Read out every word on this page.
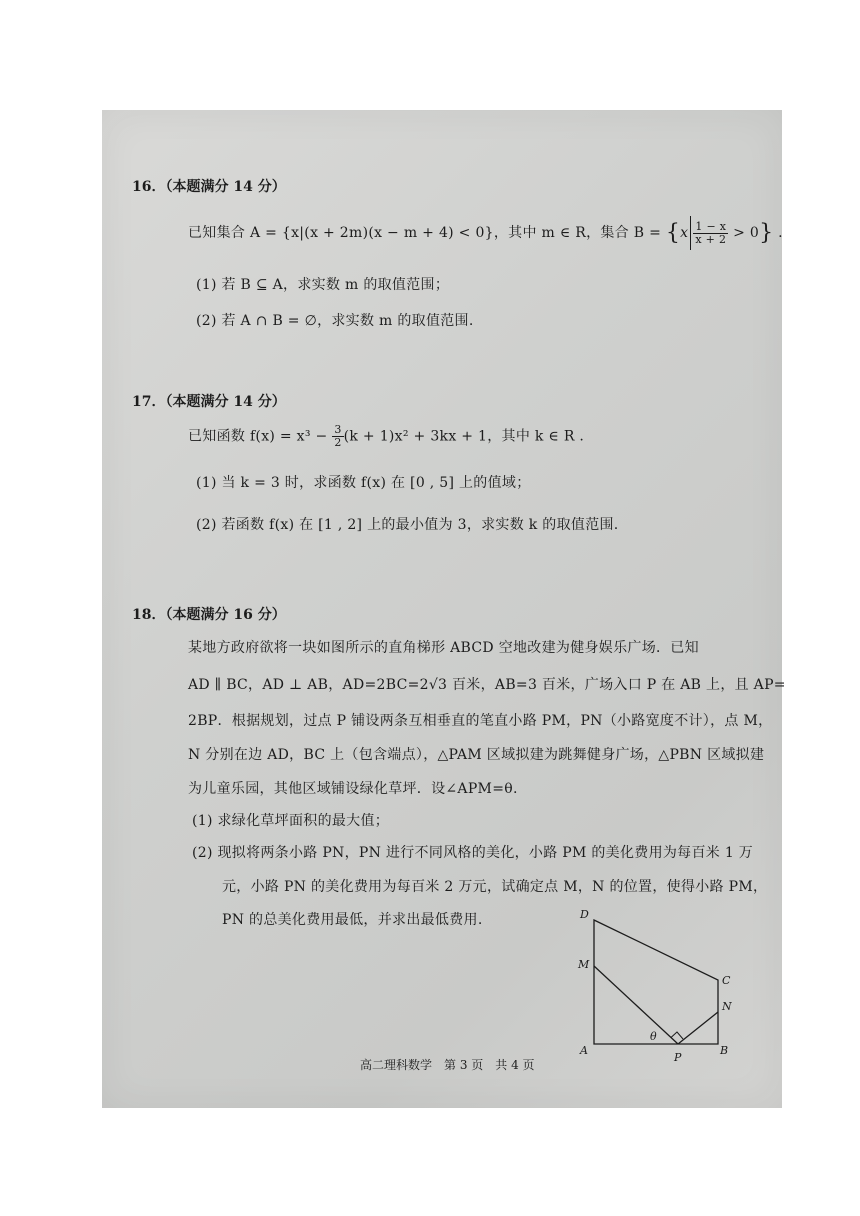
16．（本题满分 14 分）
已知集合 A = {x|(x + 2m)(x − m + 4) < 0}，其中 m ∈ R，集合 $B = \{x \frac{1 - x}{x + 2} > 0\}$ .
(1) 若 B ⊆ A，求实数 m 的取值范围；
(2) 若 A ∩ B = ∅，求实数 m 的取值范围.
17．（本题满分 14 分）
已知函数 $f(x) = x^3 - \frac{3}{2} (k + 1)x^2 + 3kx + 1$，其中 k ∈ R .
(1) 当 k = 3 时，求函数 f(x) 在 [0 , 5] 上的值域；
(2) 若函数 f(x) 在 [1 , 2] 上的最小值为 3，求实数 k 的取值范围.
18．（本题满分 16 分）
某地方政府欲将一块如图所示的直角梯形 ABCD 空地改建为健身娱乐广场．已知
AD ∥ BC，AD ⊥ AB，AD=2BC=2√3 百米，AB=3 百米，广场入口 P 在 AB 上，且 AP=
2BP．根据规划，过点 P 铺设两条互相垂直的笔直小路 PM，PN（小路宽度不计），点 M，
N 分别在边 AD，BC 上（包含端点），△PAM 区域拟建为跳舞健身广场，△PBN 区域拟建
为儿童乐园，其他区域铺设绿化草坪．设∠APM=θ.
(1) 求绿化草坪面积的最大值；
(2) 现拟将两条小路 PN，PN 进行不同风格的美化，小路 PM 的美化费用为每百米 1 万
元，小路 PN 的美化费用为每百米 2 万元，试确定点 M，N 的位置，使得小路 PM，
PN 的总美化费用最低，并求出最低费用.	D
M
C
N
A
P
B
θ
高二理科数学　第 3 页　共 4 页
